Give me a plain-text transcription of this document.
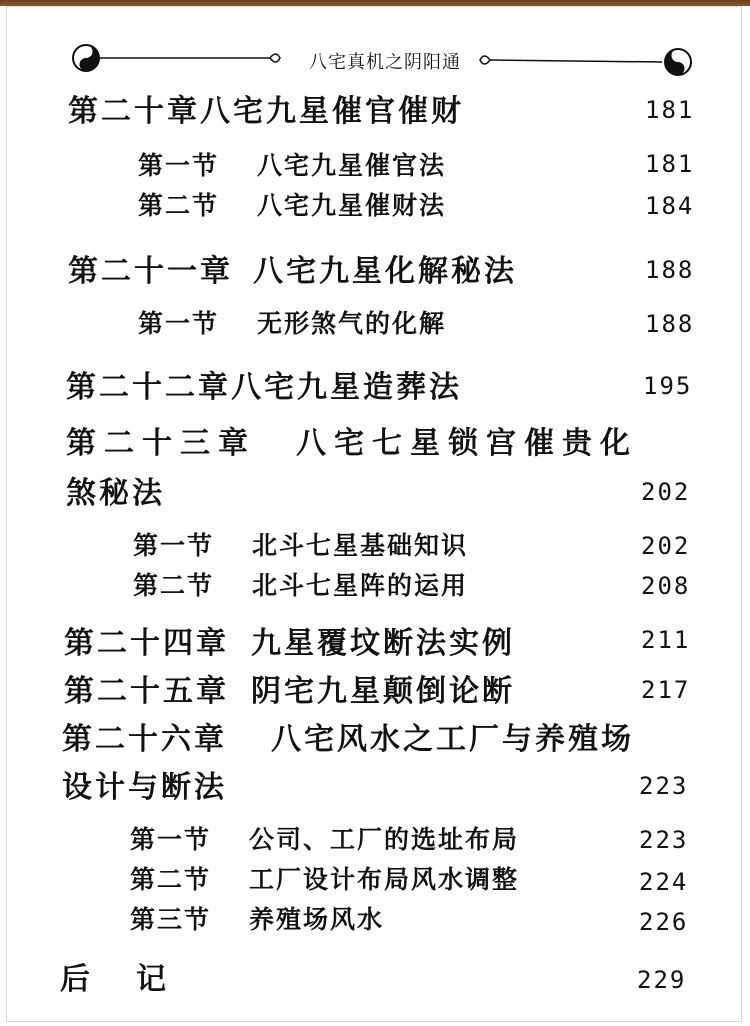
八宅真机之阴阳通
第二十章八宅九星催官催财	181
第一节 八宅九星催官法	181
第二节 八宅九星催财法	184
第二十一章 八宅九星化解秘法	188
第一节 无形煞气的化解	188
第二十二章八宅九星造葬法	195
第二十三章 八宅七星锁宫催贵化
煞秘法	202
第一节 北斗七星基础知识	202
第二节 北斗七星阵的运用	208
第二十四章 九星覆坟断法实例	211
第二十五章 阴宅九星颠倒论断	217
第二十六章 八宅风水之工厂与养殖场
设计与断法	223
第一节 公司、工厂的选址布局	223
第二节 工厂设计布局风水调整	224
第三节 养殖场风水	226
后　记	229
